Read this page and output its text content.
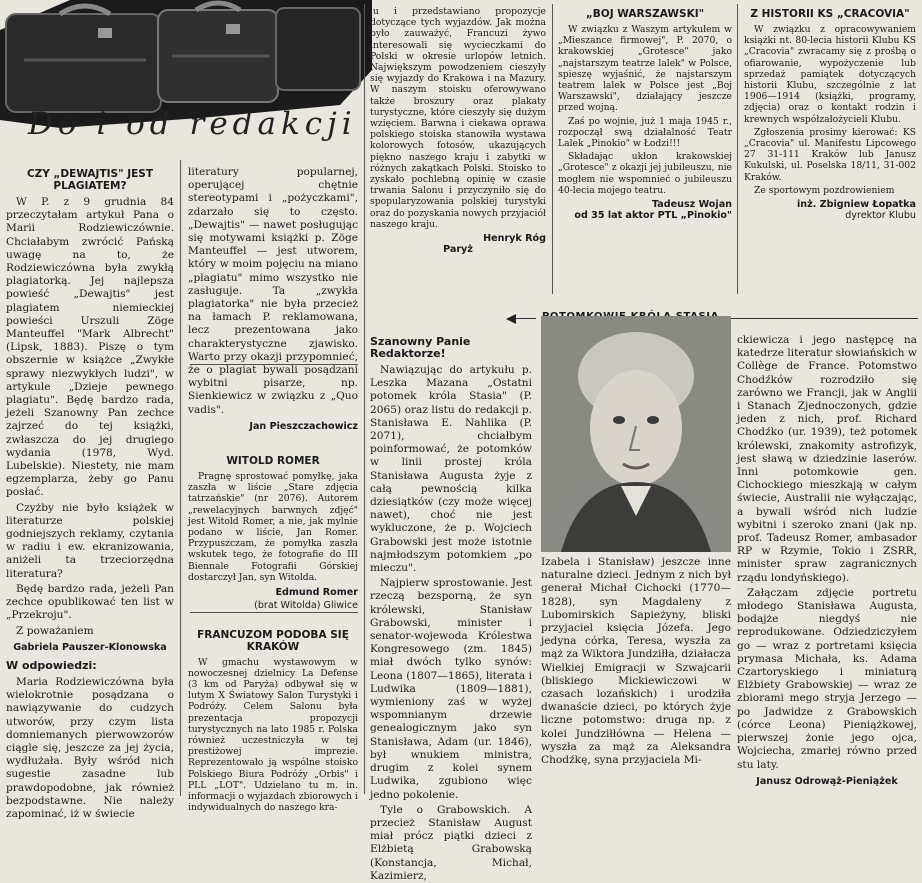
Do i od redakcji
CZY „DEWAJTIS" JEST PLAGIATEM?

W P. z 9 grudnia 84 przeczytałam artykuł Pana o Marii Rodziewiczównie. Chciałabym zwrócić Pańską uwagę na to, że Rodziewiczówna była zwykłą plagiatorką. Jej najlepsza powieść „Dewajtis" jest plagiatem niemieckiej powieści Urszuli Zöge Manteuffel "Mark Albrecht" (Lipsk, 1883). Piszę o tym obszernie w książce „Zwykłe sprawy niezwykłych ludzi", w artykule „Dzieje pewnego plagiatu". Będę bardzo rada, jeżeli Szanowny Pan zechce zajrzeć do tej książki, zwłaszcza do jej drugiego wydania (1978, Wyd. Lubelskie). Niestety, nie mam egzemplarza, żeby go Panu posłać.

Czyżby nie było książek w literaturze polskiej godniejszych reklamy, czytania w radiu i ew. ekranizowania, aniżeli ta trzeciorzędna literatura?

Będę bardzo rada, jeżeli Pan zechce opublikować ten list w „Przekroju".

Z poważaniem

Gabriela Pauszer-Klonowska
W odpowiedzi:

Maria Rodziewiczówna była wielokrotnie posądzana o nawiązywanie do cudzych utworów, przy czym lista domniemanych pierwowzorów ciągle się, jeszcze za jej życia, wydłużała. Były wśród nich sugestie zasadne lub prawdopodobne, jak również bezpodstawne. Nie należy zapominać, iż w świecie

literatury popularnej, operującej chętnie stereotypami i „pożyczkami", zdarzało się to często. „Dewajtis" — nawet posługując się motywami książki p. Zöge Manteuffel — jest utworem, który w moim pojęciu na miano „plagiatu" mimo wszystko nie zasługuje. Ta „zwykła plagiatorka" nie była przecież na łamach P. reklamowana, lecz prezentowana jako charakterystyczne zjawisko. Warto przy okazji przypomnieć, że o plagiat bywali posądzani wybitni pisarze, np. Sienkiewicz w związku z „Quo vadis".

Jan Pieszczachowicz
WITOLD ROMER

Pragnę sprostować pomyłkę, jaka zaszła w liście „Stare zdjęcia tatrzańskie" (nr 2076). Autorem „rewelacyjnych barwnych zdjęć" jest Witold Romer, a nie, jak mylnie podano w liście, Jan Romer. Przypuszczam, że pomyłka zaszła wskutek tego, że fotografie do III Biennale Fotografii Górskiej dostarczył Jan, syn Witolda.

Edmund Romer
(brat Witolda) Gliwice
FRANCUZOM PODOBA SIĘ KRAKÓW

W gmachu wystawowym w nowoczesnej dzielnicy La Defense (3 km od Paryża) odbywał się w lutym X Światowy Salon Turystyki i Podróży. Celem Salonu była prezentacja propozycji turystycznych na lato 1985 r. Polska również uczestniczyła w tej prestiżowej imprezie. Reprezentowało ją wspólne stoisko Polskiego Biura Podróży „Orbis" i PLL „LOT". Udzielano tu m. in. informacji o wyjazdach zbiorowych i indywidualnych do naszego kra-

ju i przedstawiano propozycje dotyczące tych wyjazdów. Jak można było zauważyć, Francuzi żywo interesowali się wycieczkami do Polski w okresie urlopów letnich. Największym powodzeniem cieszyły się wyjazdy do Krakowa i na Mazury. W naszym stoisku oferowywano także broszury oraz plakaty turystyczne, które cieszyły się dużym wzięciem. Barwna i ciekawa oprawa polskiego stoiska stanowiła wystawa kolorowych fotosów, ukazujących piękno naszego kraju i zabytki w różnych zakątkach Polski. Stoisko to zyskało pochlebną opinię w czasie trwania Salonu i przyczyniło się do spopularyzowania polskiej turystyki oraz do pozyskania nowych przyjaciół naszego kraju.

Henryk Róg
Paryż
„BOJ WARSZAWSKI"

W związku z Waszym artykułem w „Mieszance firmowej", P. 2070, o krakowskiej „Grotesce" jako „najstarszym teatrze lalek" w Polsce, spieszę wyjaśnić, że najstarszym teatrem lalek w Polsce jest „Boj Warszawski", działający jeszcze przed wojną.

Zaś po wojnie, już 1 maja 1945 r., rozpoczął swą działalność Teatr Lalek „Pinokio" w Łodzi!!!

Składając ukłon krakowskiej „Grotesce" z okazji jej jubileuszu, nie mogłem nie wspomnieć o jubileuszu 40-lecia mojego teatru.

Tadeusz Wojan
od 35 lat aktor PTL „Pinokio"
Z HISTORII KS „CRACOVIA"

W związku z opracowywaniem książki nt. 80-lecia historii Klubu KS „Cracovia" zwracamy się z prośbą o ofiarowanie, wypożyczenie lub sprzedaż pamiątek dotyczących historii Klubu, szczególnie z lat 1906—1914 (książki, programy, zdjęcia) oraz o kontakt rodzin i krewnych współzałożycieli Klubu.

Zgłoszenia prosimy kierować: KS „Cracovia" ul. Manifestu Lipcowego 27 31-111 Kraków lub Janusz Kukulski, ul. Poselska 18/11, 31-002 Kraków.

Ze sportowym pozdrowieniem

inż. Zbigniew Łopatka
dyrektor Klubu
Szanowny Panie Redaktorze!

Nawiązując do artykułu p. Leszka Mazana „Ostatni potomek króla Stasia" (P. 2065) oraz listu do redakcji p. Stanisława E. Nahlika (P. 2071), chciałbym poinformować, że potomków w linii prostej króla Stanisława Augusta żyje z całą pewnością kilka dziesiątków (czy może więcej nawet), choć nie jest wykluczone, że p. Wojciech Grabowski jest może istotnie najmłodszym potomkiem „po mieczu".

Najpierw sprostowanie. Jest rzeczą bezsporną, że syn królewski, Stanisław Grabowski, minister i senator-wojewoda Królestwa Kongresowego (zm. 1845) miał dwóch tylko synów: Leona (1807—1865), literata i Ludwika (1809—1881), wymieniony zaś w wyżej wspomnianym drzewie genealogicznym jako syn Stanisława, Adam (ur. 1846), był wnukiem ministra, drugim z kolei synem Ludwika, zgubiono więc jedno pokolenie.

Tyle o Grabowskich. A przecież Stanisław August miał prócz piątki dzieci z Elżbietą Grabowską (Konstancja, Michał, Kazimierz,

Izabela i Stanisław) jeszcze inne naturalne dzieci. Jednym z nich był generał Michał Cichocki (1770—1828), syn Magdaleny z Lubomirskich Sapieżyny, bliski przyjaciel księcia Józefa. Jego jedyna córka, Teresa, wyszła za mąż za Wiktora Jundziłła, działacza Wielkiej Emigracji w Szwajcarii (bliskiego Mickiewiczowi w czasach lozańskich) i urodziła dwanaście dzieci, po których żyje liczne potomstwo: druga np. z kolei Jundziłłówna — Helena — wyszła za mąż za Aleksandra Chodźkę, syna przyjaciela Mi-

ckiewicza i jego następcę na katedrze literatur słowiańskich w Collège de France. Potomstwo Chodźków rozrodziło się zarówno we Francji, jak w Anglii i Stanach Zjednoczonych, gdzie jeden z nich, prof. Richard Chodźko (ur. 1939), też potomek królewski, znakomity astrofizyk, jest sławą w dziedzinie laserów. Inni potomkowie gen. Cichockiego mieszkają w całym świecie, Australii nie wyłączając, a bywali wśród nich ludzie wybitni i szeroko znani (jak np. prof. Tadeusz Romer, ambasador RP w Rzymie, Tokio i ZSRR, minister spraw zagranicznych rządu londyńskiego).

Załączam zdjęcie portretu młodego Stanisława Augusta, bodajże niegdyś nie reprodukowane. Odziedziczyłem go — wraz z portretami księcia prymasa Michała, ks. Adama Czartoryskiego i miniaturą Elżbiety Grabowskiej — wraz ze zbiorami mego stryja Jerzego — po Jadwidze z Grabowskich (córce Leona) Pieniążkowej, pierwszej żonie jego ojca, Wojciecha, zmarłej równo przed stu laty.

Janusz Odrowąż-Pieniążek
